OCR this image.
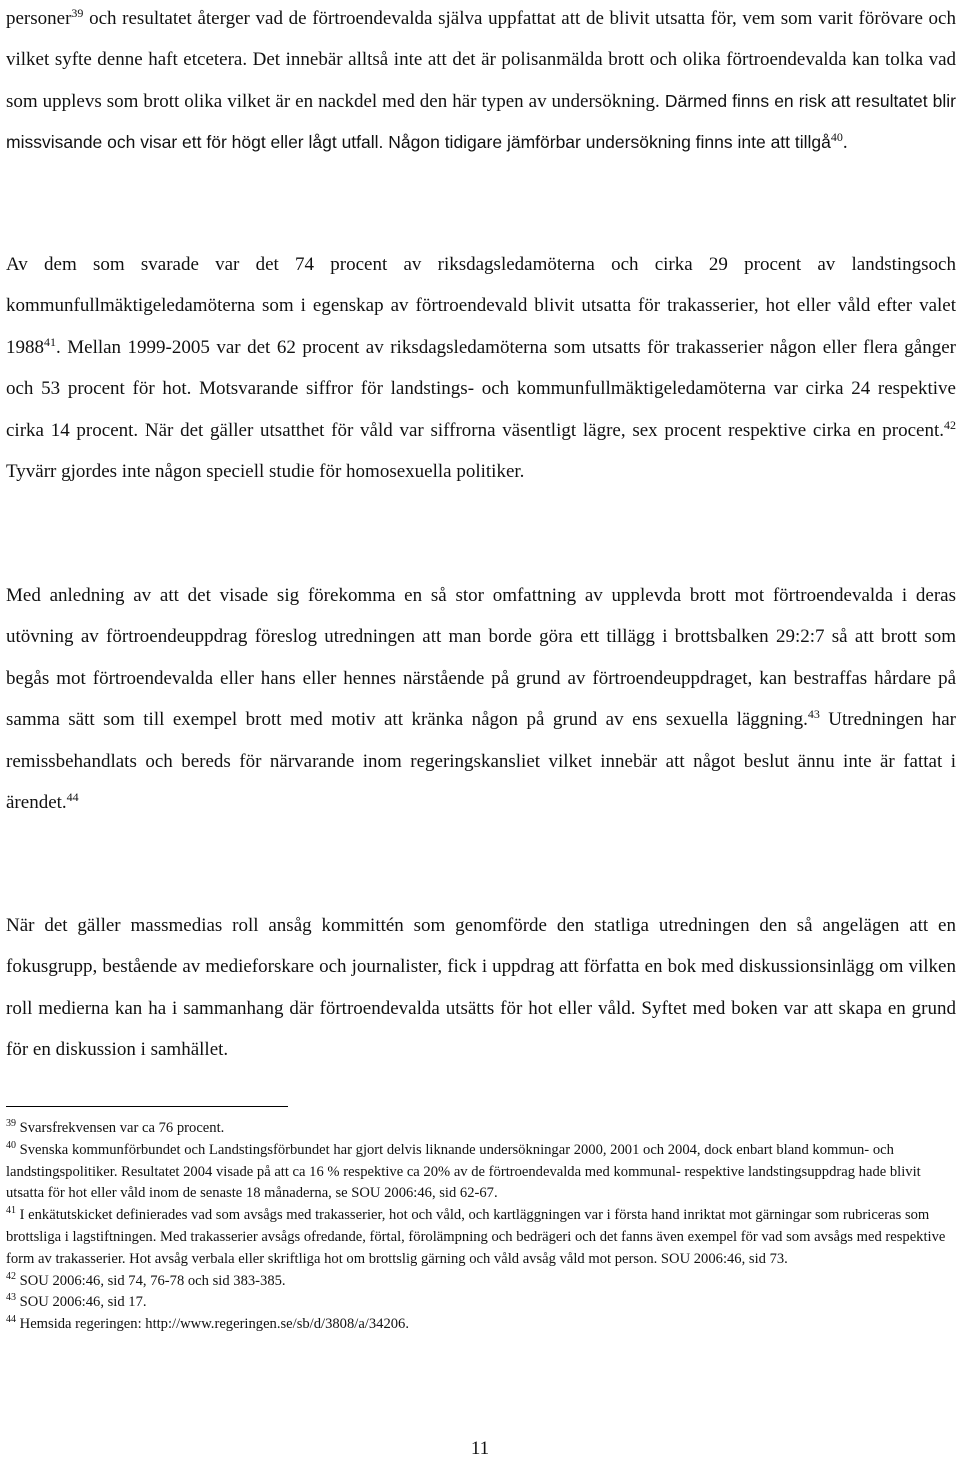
personer$^{39}$ och resultatet återger vad de förtroendevalda själva uppfattat att de blivit utsatta för, vem som varit förövare och vilket syfte denne haft etcetera. Det innebär alltså inte att det är polisanmälda brott och olika förtroendevalda kan tolka vad som upplevs som brott olika vilket är en nackdel med den här typen av undersökning. Därmed finns en risk att resultatet blir missvisande och visar ett för högt eller lågt utfall. Någon tidigare jämförbar undersökning finns inte att tillgå$^{40}$.

Av dem som svarade var det 74 procent av riksdagsledamöterna och cirka 29 procent av landstingsoch kommunfullmäktigeledamöterna som i egenskap av förtroendevald blivit utsatta för trakasserier, hot eller våld efter valet 1988$^{41}$. Mellan 1999-2005 var det 62 procent av riksdagsledamöterna som utsatts för trakasserier någon eller flera gånger och 53 procent för hot. Motsvarande siffror för landstings- och kommunfullmäktigeledamöterna var cirka 24 respektive cirka 14 procent. När det gäller utsatthet för våld var siffrorna väsentligt lägre, sex procent respektive cirka en procent.$^{42}$ Tyvärr gjordes inte någon speciell studie för homosexuella politiker.

Med anledning av att det visade sig förekomma en så stor omfattning av upplevda brott mot förtroendevalda i deras utövning av förtroendeuppdrag föreslog utredningen att man borde göra ett tillägg i brottsbalken 29:2:7 så att brott som begås mot förtroendevalda eller hans eller hennes närstående på grund av förtroendeuppdraget, kan bestraffas hårdare på samma sätt som till exempel brott med motiv att kränka någon på grund av ens sexuella läggning.$^{43}$ Utredningen har remissbehandlats och bereds för närvarande inom regeringskansliet vilket innebär att något beslut ännu inte är fattat i ärendet.$^{44}$

När det gäller massmedias roll ansåg kommittén som genomförde den statliga utredningen den så angelägen att en fokusgrupp, bestående av medieforskare och journalister, fick i uppdrag att författa en bok med diskussionsinlägg om vilken roll medierna kan ha i sammanhang där förtroendevalda utsätts för hot eller våld. Syftet med boken var att skapa en grund för en diskussion i samhället.

$^{39}$ Svarsfrekvensen var ca 76 procent.

$^{40}$ Svenska kommunförbundet och Landstingsförbundet har gjort delvis liknande undersökningar 2000, 2001 och 2004, dock enbart bland kommun- och landstingspolitiker. Resultatet 2004 visade på att ca 16 % respektive ca 20% av de förtroendevalda med kommunal- respektive landstingsuppdrag hade blivit utsatta för hot eller våld inom de senaste 18 månaderna, se SOU 2006:46, sid 62-67.

$^{41}$ I enkätutskicket definierades vad som avsågs med trakasserier, hot och våld, och kartläggningen var i första hand inriktat mot gärningar som rubriceras som brottsliga i lagstiftningen. Med trakasserier avsågs ofredande, förtal, förolämpning och bedrägeri och det fanns även exempel för vad som avsågs med respektive form av trakasserier. Hot avsåg verbala eller skriftliga hot om brottslig gärning och våld avsåg våld mot person. SOU 2006:46, sid 73.

$^{42}$ SOU 2006:46, sid 74, 76-78 och sid 383-385.

$^{43}$ SOU 2006:46, sid 17.

$^{44}$ Hemsida regeringen: http://www.regeringen.se/sb/d/3808/a/34206.

11
